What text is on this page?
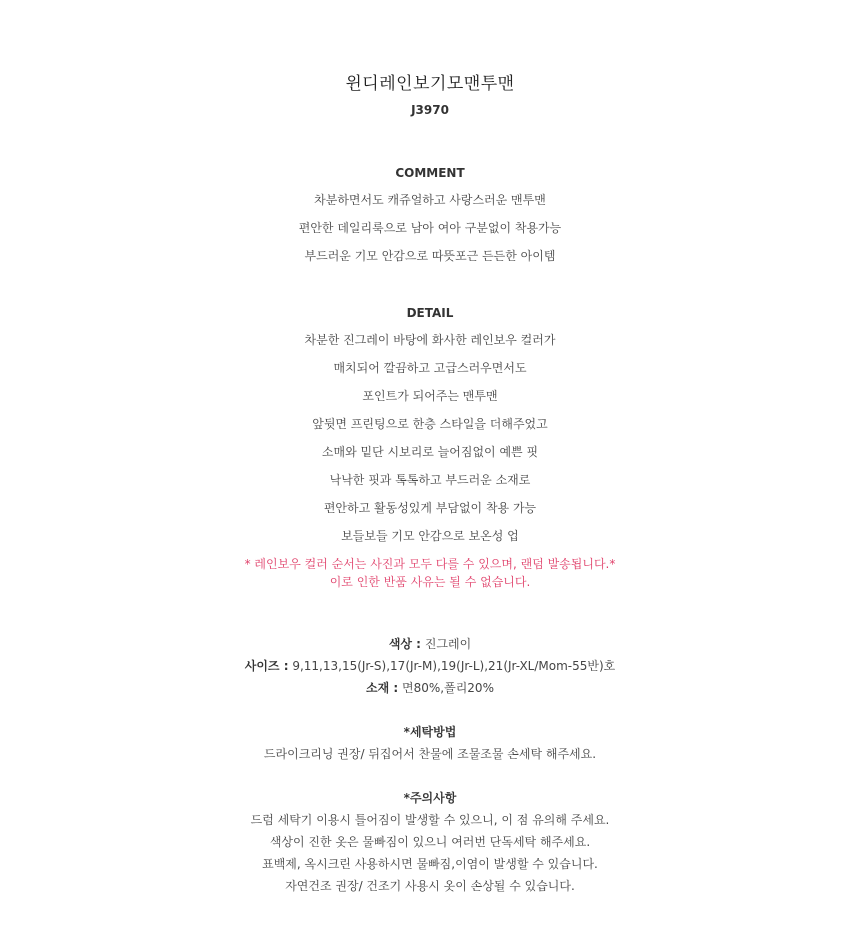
윈디레인보기모맨투맨
J3970
COMMENT
차분하면서도 캐쥬얼하고 사랑스러운 맨투맨
편안한 데일리룩으로 남아 여아 구분없이 착용가능
부드러운 기모 안감으로 따뜻포근 든든한 아이템
DETAIL
차분한 진그레이 바탕에 화사한 레인보우 컬러가
매치되어 깔끔하고 고급스러우면서도
포인트가 되어주는 맨투맨
앞뒷면 프린팅으로 한층 스타일을 더해주었고
소매와 밑단 시보리로 늘어짐없이 예쁜 핏
낙낙한 핏과 톡톡하고 부드러운 소재로
편안하고 활동성있게 부담없이 착용 가능
보들보들 기모 안감으로 보온성 업
* 레인보우 컬러 순서는 사진과 모두 다를 수 있으며, 랜덤 발송됩니다.*
이로 인한 반품 사유는 될 수 없습니다.
색상 : 진그레이
사이즈 : 9,11,13,15(Jr-S),17(Jr-M),19(Jr-L),21(Jr-XL/Mom-55반)호
소재 : 면80%,폴리20%
*세탁방법
드라이크리닝 권장/ 뒤집어서 찬물에 조물조물 손세탁 해주세요.
*주의사항
드럼 세탁기 이용시 틀어짐이 발생할 수 있으니, 이 점 유의해 주세요.
색상이 진한 옷은 물빠짐이 있으니 여러번 단독세탁 해주세요.
표백제, 옥시크린 사용하시면 물빠짐,이염이 발생할 수 있습니다.
자연건조 권장/ 건조기 사용시 옷이 손상될 수 있습니다.
